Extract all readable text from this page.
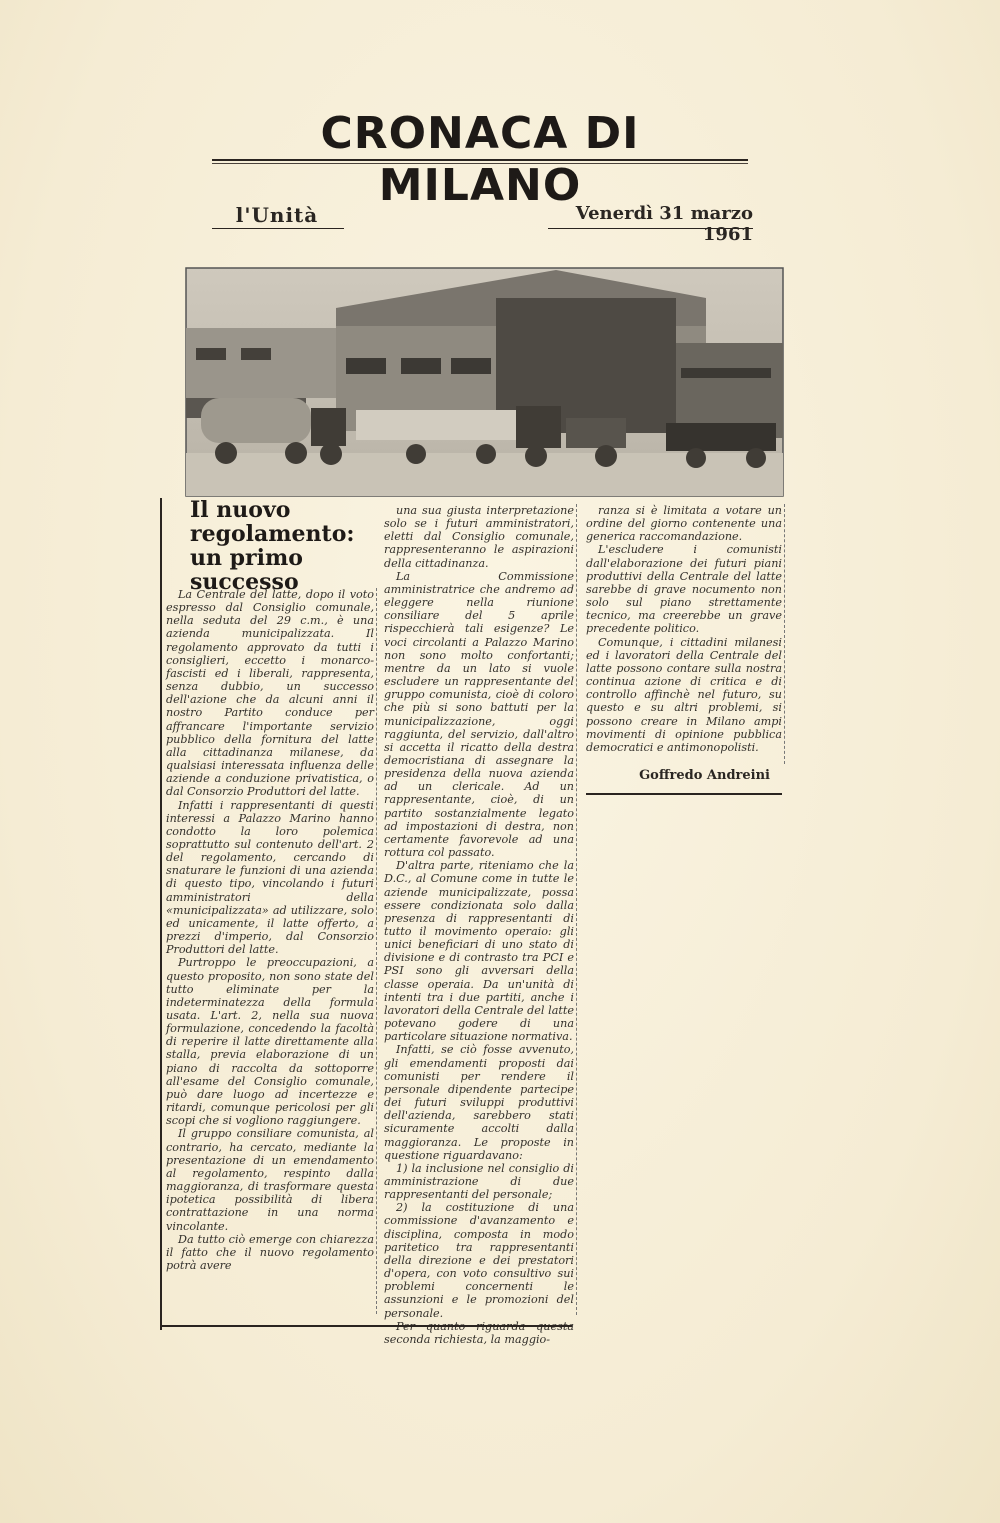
CRONACA DI MILANO
l'Unità	Venerdì 31 marzo 1961
Il nuovo
regolamento:
un primo
successo

La Centrale del latte, dopo il voto espresso dal Consiglio comunale, nella seduta del 29 c.m., è una azienda municipalizzata. Il regolamento approvato da tutti i consiglieri, eccetto i monarco-fascisti ed i liberali, rappresenta, senza dubbio, un successo dell'azione che da alcuni anni il nostro Partito conduce per affrancare l'importante servizio pubblico della fornitura del latte alla cittadinanza milanese, da qualsiasi interessata influenza delle aziende a conduzione privatistica, o dal Consorzio Produttori del latte.

Infatti i rappresentanti di questi interessi a Palazzo Marino hanno condotto la loro polemica soprattutto sul contenuto dell'art. 2 del regolamento, cercando di snaturare le funzioni di una azienda di questo tipo, vincolando i futuri amministratori della «municipalizzata» ad utilizzare, solo ed unicamente, il latte offerto, a prezzi d'imperio, dal Consorzio Produttori del latte.

Purtroppo le preoccupazioni, a questo proposito, non sono state del tutto eliminate per la indeterminatezza della formula usata. L'art. 2, nella sua nuova formulazione, concedendo la facoltà di reperire il latte direttamente alla stalla, previa elaborazione di un piano di raccolta da sottoporre all'esame del Consiglio comunale, può dare luogo ad incertezze e ritardi, comunque pericolosi per gli scopi che si vogliono raggiungere.

Il gruppo consiliare comunista, al contrario, ha cercato, mediante la presentazione di un emendamento al regolamento, respinto dalla maggioranza, di trasformare questa ipotetica possibilità di libera contrattazione in una norma vincolante.

Da tutto ciò emerge con chiarezza il fatto che il nuovo regolamento potrà avere

una sua giusta interpretazione solo se i futuri amministratori, eletti dal Consiglio comunale, rappresenteranno le aspirazioni della cittadinanza.

La Commissione amministratrice che andremo ad eleggere nella riunione consiliare del 5 aprile rispecchierà tali esigenze? Le voci circolanti a Palazzo Marino non sono molto confortanti; mentre da un lato si vuole escludere un rappresentante del gruppo comunista, cioè di coloro che più si sono battuti per la municipalizzazione, oggi raggiunta, del servizio, dall'altro si accetta il ricatto della destra democristiana di assegnare la presidenza della nuova azienda ad un clericale. Ad un rappresentante, cioè, di un partito sostanzialmente legato ad impostazioni di destra, non certamente favorevole ad una rottura col passato.

D'altra parte, riteniamo che la D.C., al Comune come in tutte le aziende municipalizzate, possa essere condizionata solo dalla presenza di rappresentanti di tutto il movimento operaio: gli unici beneficiari di uno stato di divisione e di contrasto tra PCI e PSI sono gli avversari della classe operaia. Da un'unità di intenti tra i due partiti, anche i lavoratori della Centrale del latte potevano godere di una particolare situazione normativa.

Infatti, se ciò fosse avvenuto, gli emendamenti proposti dai comunisti per rendere il personale dipendente partecipe dei futuri sviluppi produttivi dell'azienda, sarebbero stati sicuramente accolti dalla maggioranza. Le proposte in questione riguardavano:

1) la inclusione nel consiglio di amministrazione di due rappresentanti del personale;

2) la costituzione di una commissione d'avanzamento e disciplina, composta in modo paritetico tra rappresentanti della direzione e dei prestatori d'opera, con voto consultivo sui problemi concernenti le assunzioni e le promozioni del personale.

Per quanto riguarda questa seconda richiesta, la maggio-

ranza si è limitata a votare un ordine del giorno contenente una generica raccomandazione.

L'escludere i comunisti dall'elaborazione dei futuri piani produttivi della Centrale del latte sarebbe di grave nocumento non solo sul piano strettamente tecnico, ma creerebbe un grave precedente politico.

Comunque, i cittadini milanesi ed i lavoratori della Centrale del latte possono contare sulla nostra continua azione di critica e di controllo affinchè nel futuro, su questo e su altri problemi, si possono creare in Milano ampi movimenti di opinione pubblica democratici e antimonopolisti.

Goffredo Andreini
